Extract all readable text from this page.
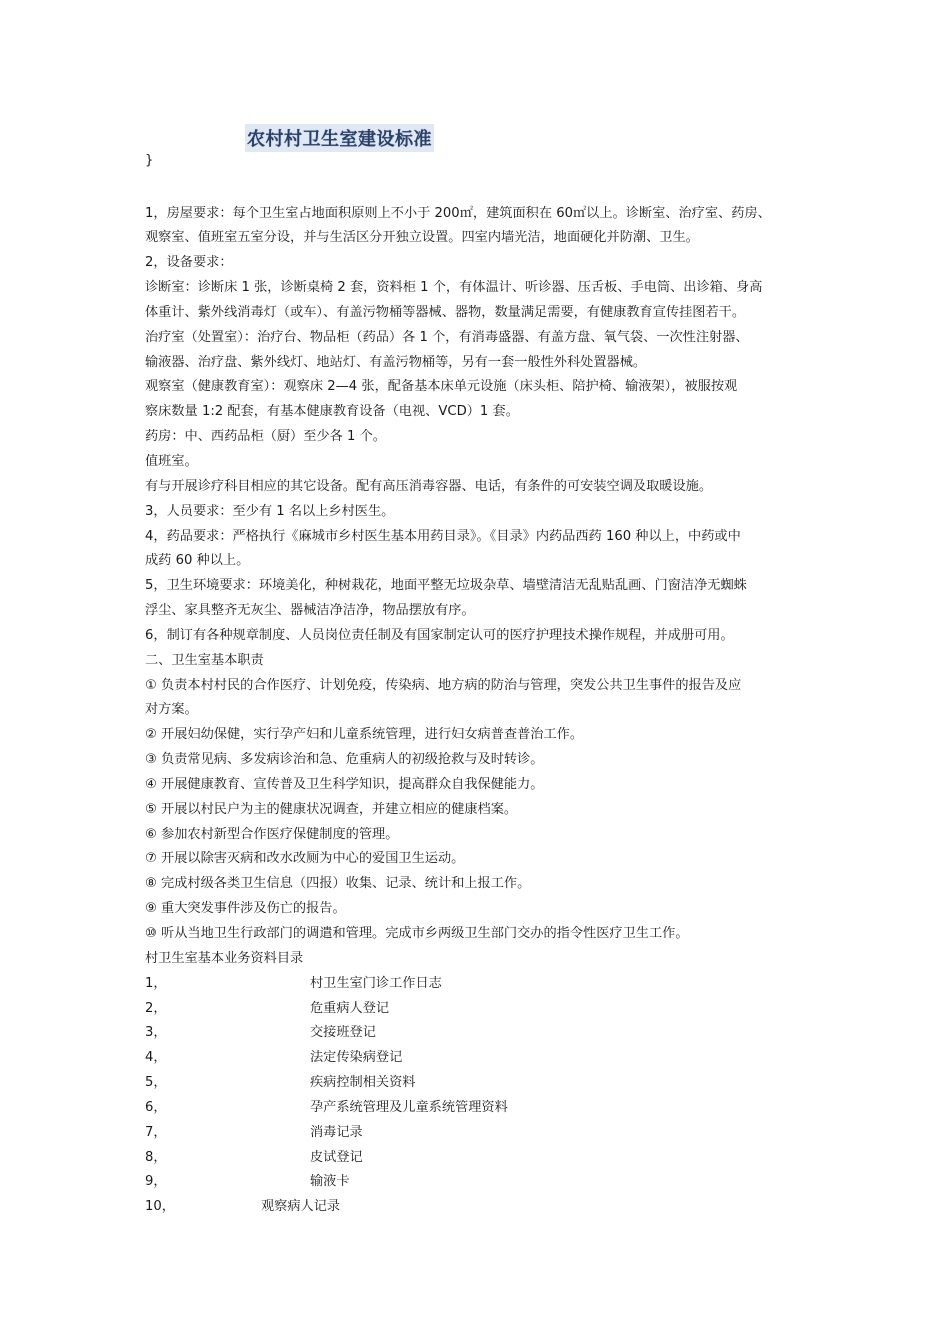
农村村卫生室建设标准
}
1，房屋要求：每个卫生室占地面积原则上不小于 200㎡，建筑面积在 60㎡以上。诊断室、治疗室、药房、
观察室、值班室五室分设，并与生活区分开独立设置。四室内墙光洁，地面硬化并防潮、卫生。
2，设备要求：
诊断室：诊断床 1 张，诊断桌椅 2 套，资料柜 1 个，有体温计、听诊器、压舌板、手电筒、出诊箱、身高
体重计、紫外线消毒灯（或车）、有盖污物桶等器械、器物，数量满足需要，有健康教育宣传挂图若干。
治疗室（处置室）：治疗台、物品柜（药品）各 1 个，有消毒盛器、有盖方盘、氧气袋、一次性注射器、
输液器、治疗盘、紫外线灯、地站灯、有盖污物桶等，另有一套一般性外科处置器械。
观察室（健康教育室）：观察床 2—4 张，配备基本床单元设施（床头柜、陪护椅、输液架），被服按观
察床数量 1:2 配套，有基本健康教育设备（电视、VCD）1 套。
药房：中、西药品柜（厨）至少各 1 个。
值班室。
有与开展诊疗科目相应的其它设备。配有高压消毒容器、电话，有条件的可安装空调及取暖设施。
3，人员要求：至少有 1 名以上乡村医生。
4，药品要求：严格执行《麻城市乡村医生基本用药目录》。《目录》内药品西药 160 种以上，中药或中
成药 60 种以上。
5，卫生环境要求：环境美化，种树栽花，地面平整无垃圾杂草、墙壁清洁无乱贴乱画、门窗洁净无蜘蛛
浮尘、家具整齐无灰尘、器械洁净洁净，物品摆放有序。
6，制订有各种规章制度、人员岗位责任制及有国家制定认可的医疗护理技术操作规程，并成册可用。
二、卫生室基本职责
① 负责本村村民的合作医疗、计划免疫，传染病、地方病的防治与管理，突发公共卫生事件的报告及应
对方案。
② 开展妇幼保健，实行孕产妇和儿童系统管理，进行妇女病普查普治工作。
③ 负责常见病、多发病诊治和急、危重病人的初级抢救与及时转诊。
④ 开展健康教育、宣传普及卫生科学知识，提高群众自我保健能力。
⑤ 开展以村民户为主的健康状况调查，并建立相应的健康档案。
⑥ 参加农村新型合作医疗保健制度的管理。
⑦ 开展以除害灭病和改水改厕为中心的爱国卫生运动。
⑧ 完成村级各类卫生信息（四报）收集、记录、统计和上报工作。
⑨ 重大突发事件涉及伤亡的报告。
⑩ 听从当地卫生行政部门的调遣和管理。完成市乡两级卫生部门交办的指令性医疗卫生工作。
村卫生室基本业务资料目录
1，	村卫生室门诊工作日志
2，	危重病人登记
3，	交接班登记
4，	法定传染病登记
5，	疾病控制相关资料
6，	孕产系统管理及儿童系统管理资料
7，	消毒记录
8，	皮试登记
9，	输液卡
10，	观察病人记录
